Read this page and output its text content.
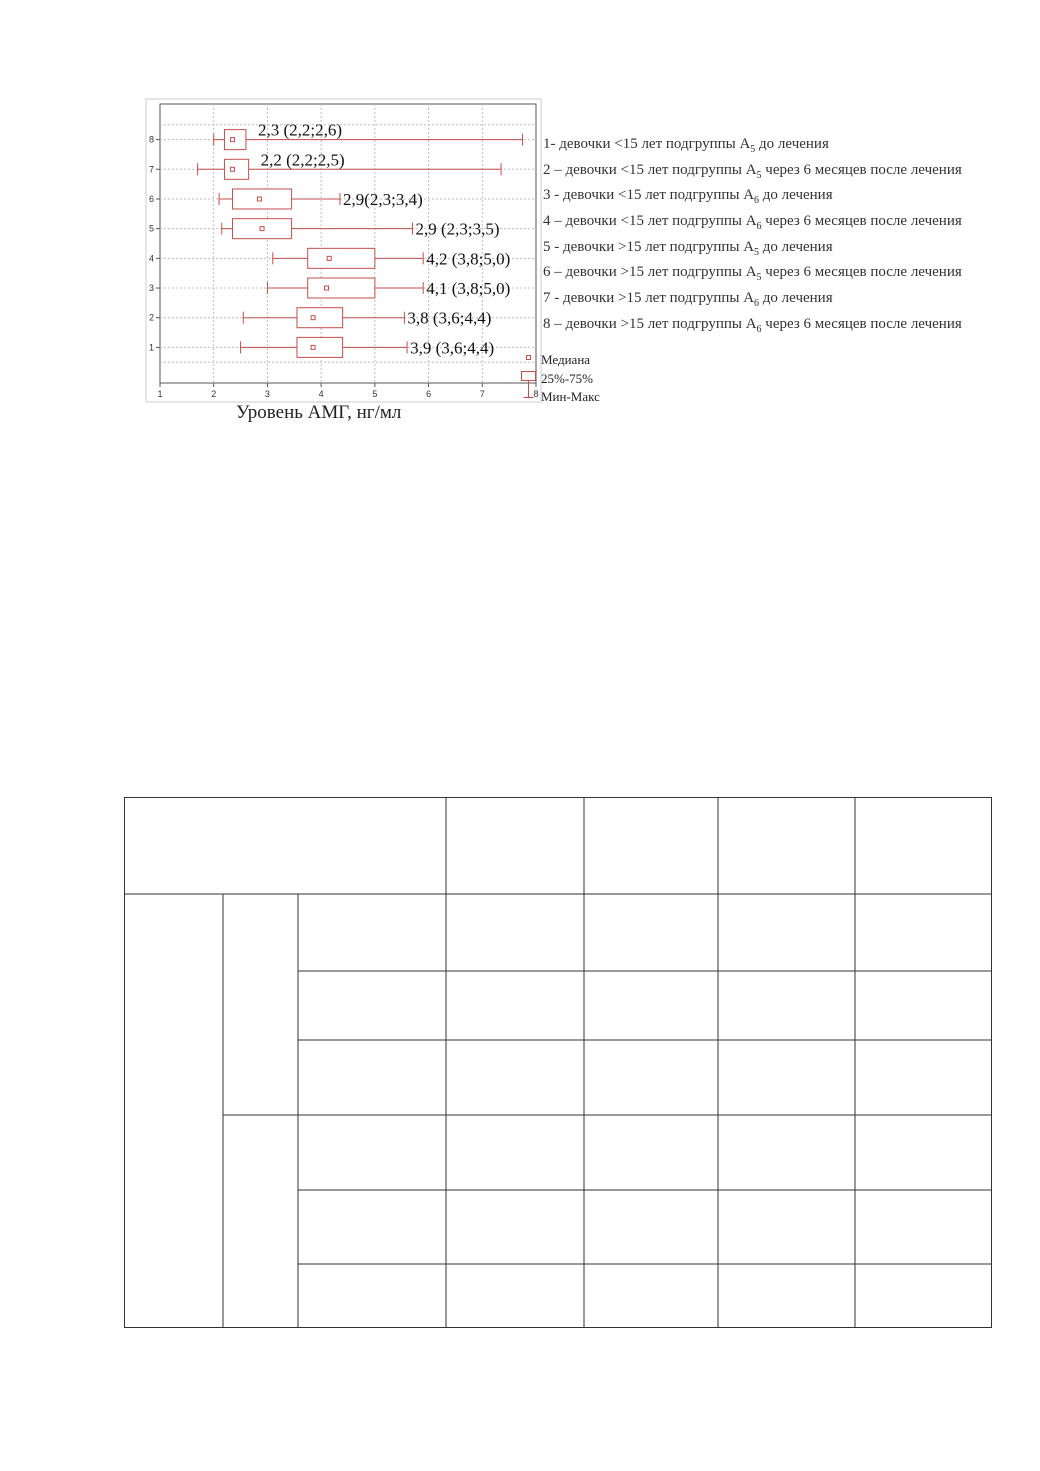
1	2	3	4	5	6	7	8
1
2
3
4
5
6
7
8
3,9 (3,6;4,4)
3,8 (3,6;4,4)
4,1 (3,8;5,0)
4,2 (3,8;5,0)
2,9 (2,3;3,5)
2,9(2,3;3,4)
2,2 (2,2;2,5)
2,3 (2,2;2,6)
Уровень АМГ, нг/мл
1- девочки <15 лет подгруппы $А_5$ до лечения
2 – девочки <15 лет подгруппы $А_5$ через 6 месяцев после лечения
3 - девочки <15 лет подгруппы $А_6$ до лечения
4 – девочки <15 лет подгруппы $А_6$ через 6 месяцев после лечения
5 - девочки >15 лет подгруппы $А_5$ до лечения
6 – девочки >15 лет подгруппы $А_5$ через 6 месяцев после лечения
7 - девочки >15 лет подгруппы $А_6$ до лечения
8 – девочки >15 лет подгруппы $А_6$ через 6 месяцев после лечения
Медиана
25%-75%
Мин-Макс
